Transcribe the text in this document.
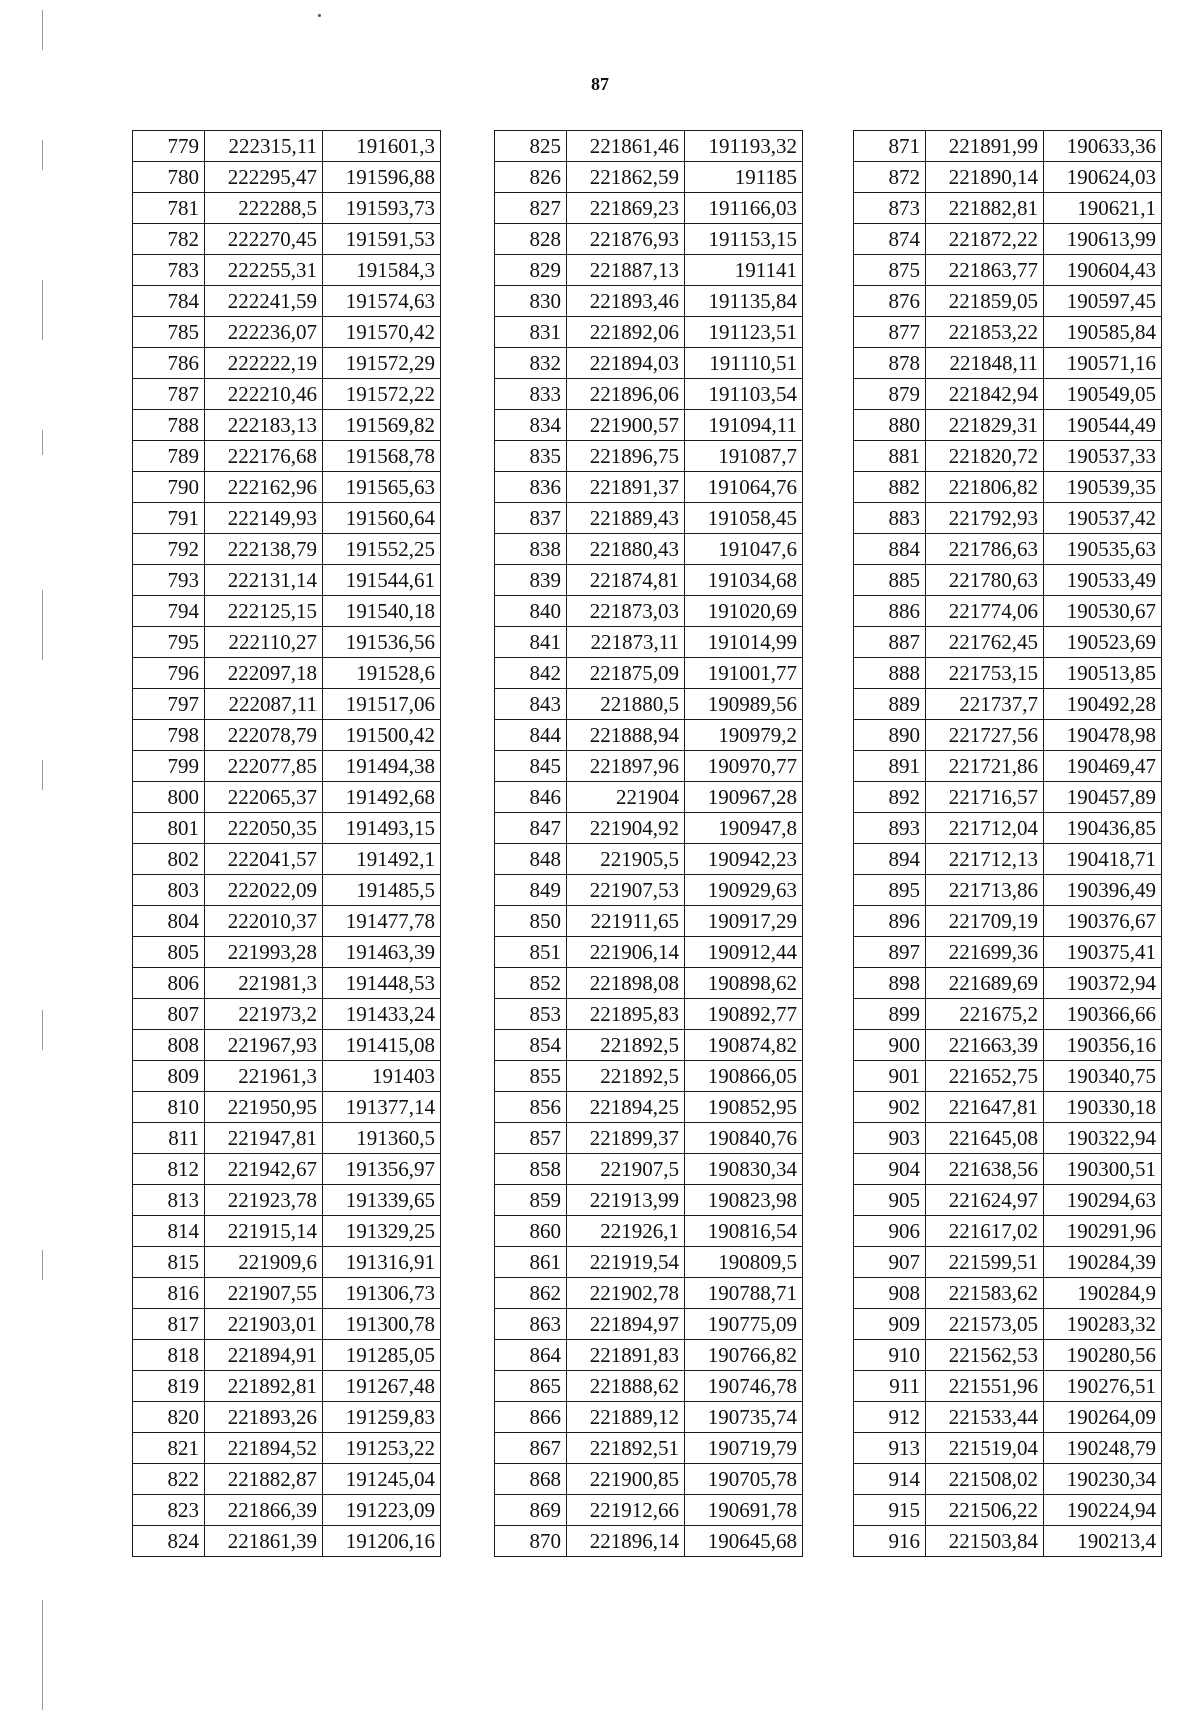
87
779	222315,11	191601,3
780	222295,47	191596,88
781	222288,5	191593,73
782	222270,45	191591,53
783	222255,31	191584,3
784	222241,59	191574,63
785	222236,07	191570,42
786	222222,19	191572,29
787	222210,46	191572,22
788	222183,13	191569,82
789	222176,68	191568,78
790	222162,96	191565,63
791	222149,93	191560,64
792	222138,79	191552,25
793	222131,14	191544,61
794	222125,15	191540,18
795	222110,27	191536,56
796	222097,18	191528,6
797	222087,11	191517,06
798	222078,79	191500,42
799	222077,85	191494,38
800	222065,37	191492,68
801	222050,35	191493,15
802	222041,57	191492,1
803	222022,09	191485,5
804	222010,37	191477,78
805	221993,28	191463,39
806	221981,3	191448,53
807	221973,2	191433,24
808	221967,93	191415,08
809	221961,3	191403
810	221950,95	191377,14
811	221947,81	191360,5
812	221942,67	191356,97
813	221923,78	191339,65
814	221915,14	191329,25
815	221909,6	191316,91
816	221907,55	191306,73
817	221903,01	191300,78
818	221894,91	191285,05
819	221892,81	191267,48
820	221893,26	191259,83
821	221894,52	191253,22
822	221882,87	191245,04
823	221866,39	191223,09
824	221861,39	191206,16
825	221861,46	191193,32
826	221862,59	191185
827	221869,23	191166,03
828	221876,93	191153,15
829	221887,13	191141
830	221893,46	191135,84
831	221892,06	191123,51
832	221894,03	191110,51
833	221896,06	191103,54
834	221900,57	191094,11
835	221896,75	191087,7
836	221891,37	191064,76
837	221889,43	191058,45
838	221880,43	191047,6
839	221874,81	191034,68
840	221873,03	191020,69
841	221873,11	191014,99
842	221875,09	191001,77
843	221880,5	190989,56
844	221888,94	190979,2
845	221897,96	190970,77
846	221904	190967,28
847	221904,92	190947,8
848	221905,5	190942,23
849	221907,53	190929,63
850	221911,65	190917,29
851	221906,14	190912,44
852	221898,08	190898,62
853	221895,83	190892,77
854	221892,5	190874,82
855	221892,5	190866,05
856	221894,25	190852,95
857	221899,37	190840,76
858	221907,5	190830,34
859	221913,99	190823,98
860	221926,1	190816,54
861	221919,54	190809,5
862	221902,78	190788,71
863	221894,97	190775,09
864	221891,83	190766,82
865	221888,62	190746,78
866	221889,12	190735,74
867	221892,51	190719,79
868	221900,85	190705,78
869	221912,66	190691,78
870	221896,14	190645,68
871	221891,99	190633,36
872	221890,14	190624,03
873	221882,81	190621,1
874	221872,22	190613,99
875	221863,77	190604,43
876	221859,05	190597,45
877	221853,22	190585,84
878	221848,11	190571,16
879	221842,94	190549,05
880	221829,31	190544,49
881	221820,72	190537,33
882	221806,82	190539,35
883	221792,93	190537,42
884	221786,63	190535,63
885	221780,63	190533,49
886	221774,06	190530,67
887	221762,45	190523,69
888	221753,15	190513,85
889	221737,7	190492,28
890	221727,56	190478,98
891	221721,86	190469,47
892	221716,57	190457,89
893	221712,04	190436,85
894	221712,13	190418,71
895	221713,86	190396,49
896	221709,19	190376,67
897	221699,36	190375,41
898	221689,69	190372,94
899	221675,2	190366,66
900	221663,39	190356,16
901	221652,75	190340,75
902	221647,81	190330,18
903	221645,08	190322,94
904	221638,56	190300,51
905	221624,97	190294,63
906	221617,02	190291,96
907	221599,51	190284,39
908	221583,62	190284,9
909	221573,05	190283,32
910	221562,53	190280,56
911	221551,96	190276,51
912	221533,44	190264,09
913	221519,04	190248,79
914	221508,02	190230,34
915	221506,22	190224,94
916	221503,84	190213,4
